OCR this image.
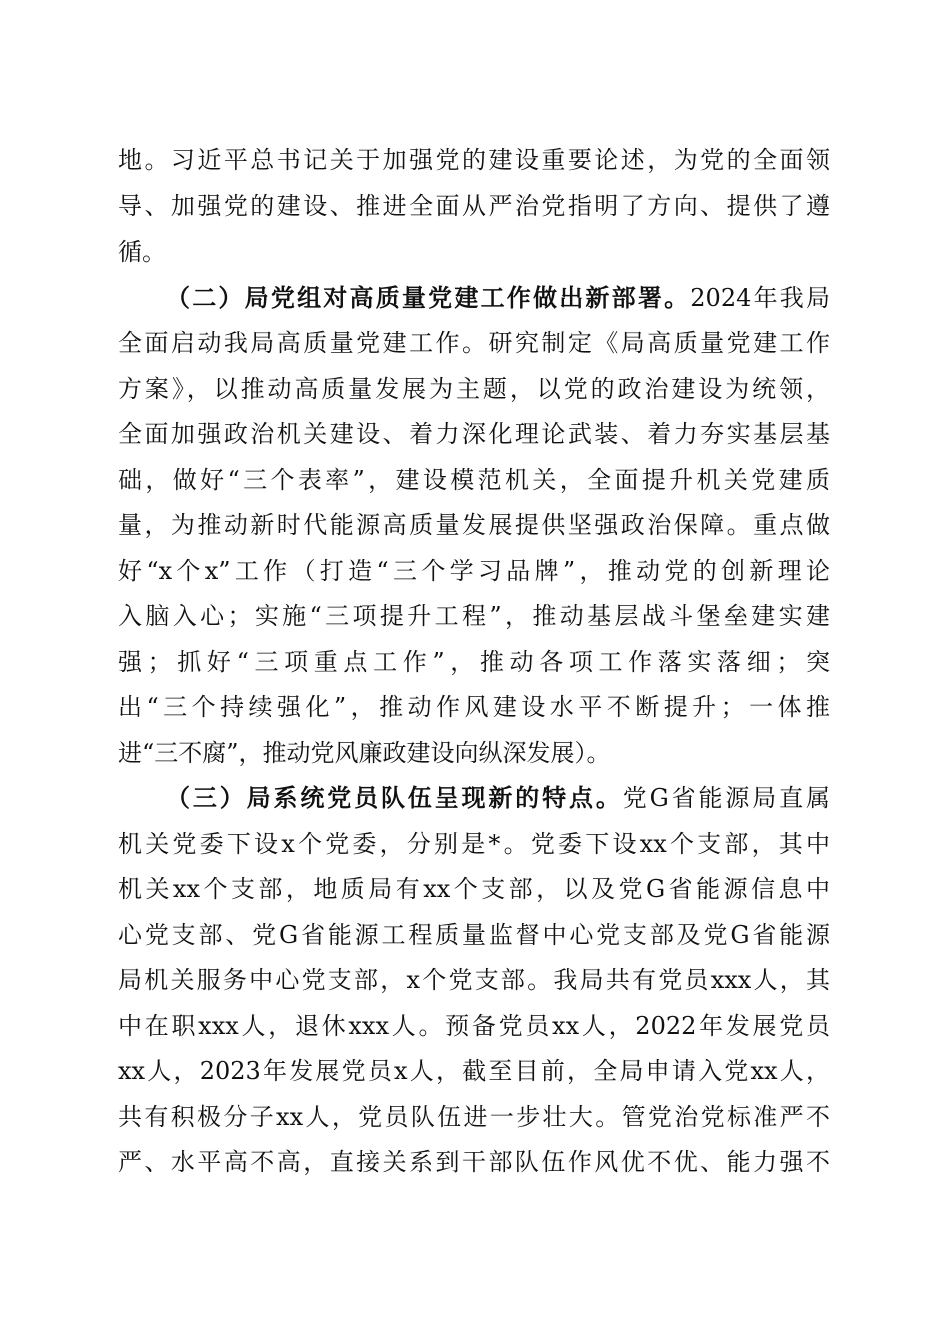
地。习近平总书记关于加强党的建设重要论述，为党的全面领
导、加强党的建设、推进全面从严治党指明了方向、提供了遵
循。
（二）局党组对高质量党建工作做出新部署。2024年我局
全面启动我局高质量党建工作。研究制定《局高质量党建工作
方案》，以推动高质量发展为主题，以党的政治建设为统领，
全面加强政治机关建设、着力深化理论武装、着力夯实基层基
础，做好“三个表率”，建设模范机关，全面提升机关党建质
量，为推动新时代能源高质量发展提供坚强政治保障。重点做
好“x个x”工作（打造“三个学习品牌”，推动党的创新理论
入脑入心；实施“三项提升工程”，推动基层战斗堡垒建实建
强；抓好“三项重点工作”，推动各项工作落实落细；突
出“三个持续强化”，推动作风建设水平不断提升；一体推
进“三不腐”，推动党风廉政建设向纵深发展）。
（三）局系统党员队伍呈现新的特点。党G省能源局直属
机关党委下设x个党委，分别是*。党委下设xx个支部，其中
机关xx个支部，地质局有xx个支部，以及党G省能源信息中
心党支部、党G省能源工程质量监督中心党支部及党G省能源
局机关服务中心党支部，x个党支部。我局共有党员xxx人，其
中在职xxx人，退休xxx人。预备党员xx人，2022年发展党员
xx人，2023年发展党员x人，截至目前，全局申请入党xx人，
共有积极分子xx人，党员队伍进一步壮大。管党治党标准严不
严、水平高不高，直接关系到干部队伍作风优不优、能力强不
